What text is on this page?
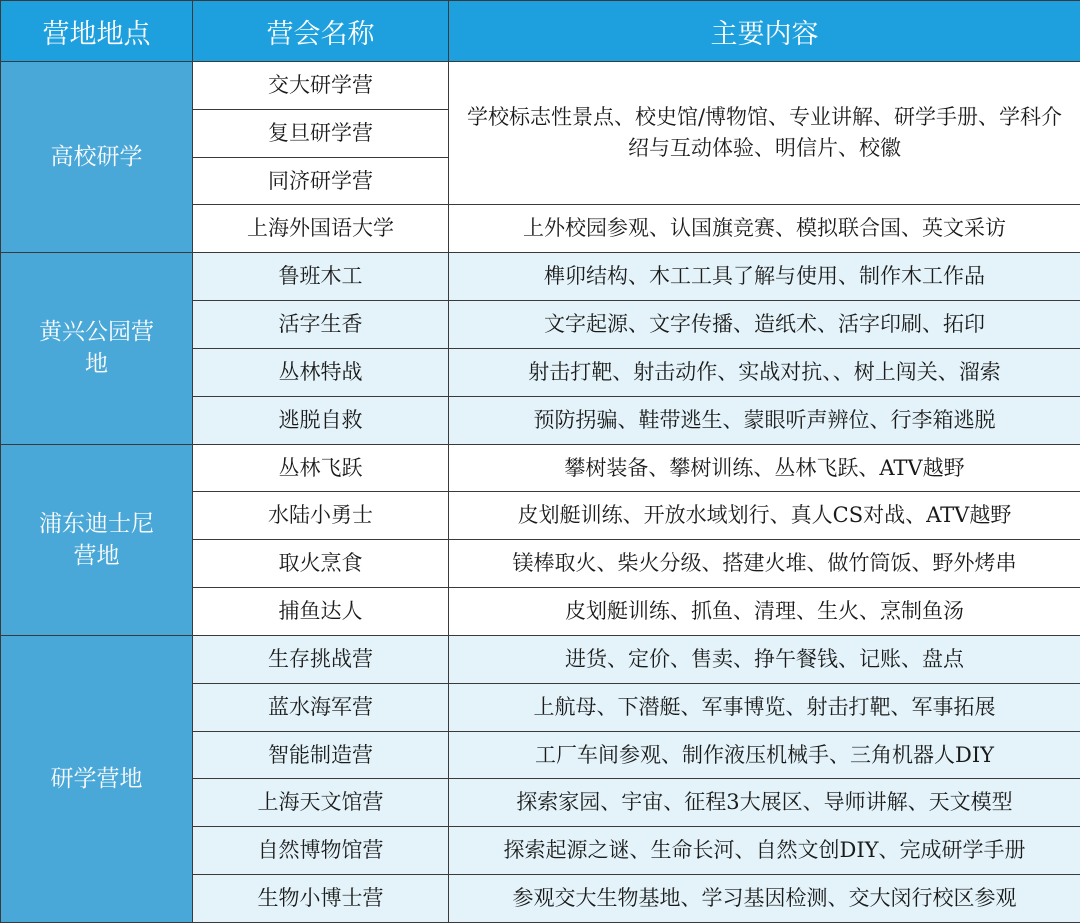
营地地点	营会名称	主要内容
高校研学	交大研学营	学校标志性景点、校史馆/博物馆、专业讲解、研学手册、学科介绍与互动体验、明信片、校徽
	复旦研学营	
	同济研学营	
	上海外国语大学	上外校园参观、认国旗竞赛、模拟联合国、英文采访
黄兴公园营地	鲁班木工	榫卯结构、木工工具了解与使用、制作木工作品
	活字生香	文字起源、文字传播、造纸术、活字印刷、拓印
	丛林特战	射击打靶、射击动作、实战对抗、、树上闯关、溜索
	逃脱自救	预防拐骗、鞋带逃生、蒙眼听声辨位、行李箱逃脱
浦东迪士尼营地	丛林飞跃	攀树装备、攀树训练、丛林飞跃、ATV越野
	水陆小勇士	皮划艇训练、开放水域划行、真人CS对战、ATV越野
	取火烹食	镁棒取火、柴火分级、搭建火堆、做竹筒饭、野外烤串
	捕鱼达人	皮划艇训练、抓鱼、清理、生火、烹制鱼汤
研学营地	生存挑战营	进货、定价、售卖、挣午餐钱、记账、盘点
	蓝水海军营	上航母、下潜艇、军事博览、射击打靶、军事拓展
	智能制造营	工厂车间参观、制作液压机械手、三角机器人DIY
	上海天文馆营	探索家园、宇宙、征程3大展区、导师讲解、天文模型
	自然博物馆营	探索起源之谜、生命长河、自然文创DIY、完成研学手册
	生物小博士营	参观交大生物基地、学习基因检测、交大闵行校区参观
